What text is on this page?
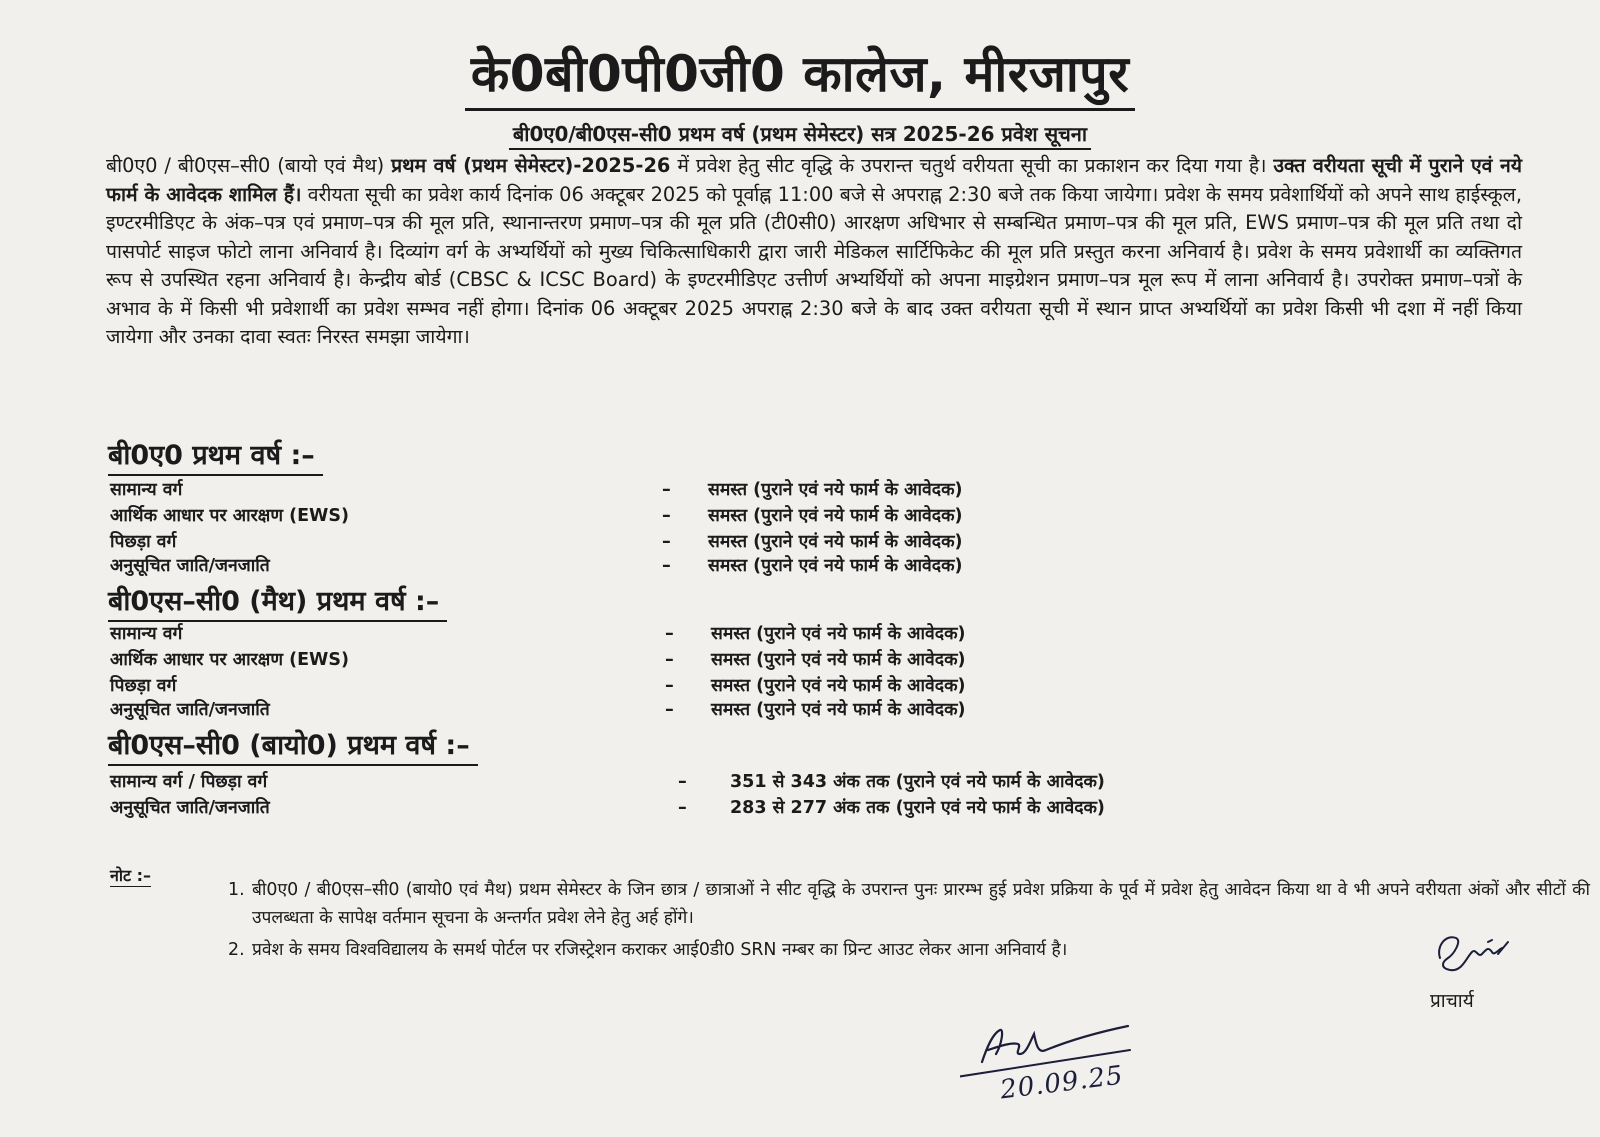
के0बी0पी0जी0 कालेज, मीरजापुर
बी0ए0/बी0एस-सी0 प्रथम वर्ष (प्रथम सेमेस्टर) सत्र 2025-26 प्रवेश सूचना

बी0ए0 / बी0एस–सी0 (बायो एवं मैथ) प्रथम वर्ष (प्रथम सेमेस्टर)-2025-26 में प्रवेश हेतु सीट वृद्धि के उपरान्त चतुर्थ वरीयता सूची का प्रकाशन कर दिया गया है। उक्त वरीयता सूची में पुराने एवं नये फार्म के आवेदक शामिल हैं। वरीयता सूची का प्रवेश कार्य दिनांक 06 अक्टूबर 2025 को पूर्वाह्न 11:00 बजे से अपराह्न 2:30 बजे तक किया जायेगा। प्रवेश के समय प्रवेशार्थियों को अपने साथ हाईस्कूल, इण्टरमीडिएट के अंक–पत्र एवं प्रमाण–पत्र की मूल प्रति, स्थानान्तरण प्रमाण–पत्र की मूल प्रति (टी0सी0) आरक्षण अधिभार से सम्बन्धित प्रमाण–पत्र की मूल प्रति, EWS प्रमाण–पत्र की मूल प्रति तथा दो पासपोर्ट साइज फोटो लाना अनिवार्य है। दिव्यांग वर्ग के अभ्यर्थियों को मुख्य चिकित्साधिकारी द्वारा जारी मेडिकल सार्टिफिकेट की मूल प्रति प्रस्तुत करना अनिवार्य है। प्रवेश के समय प्रवेशार्थी का व्यक्तिगत रूप से उपस्थित रहना अनिवार्य है। केन्द्रीय बोर्ड (CBSC & ICSC Board) के इण्टरमीडिएट उत्तीर्ण अभ्यर्थियों को अपना माइग्रेशन प्रमाण–पत्र मूल रूप में लाना अनिवार्य है। उपरोक्त प्रमाण–पत्रों के अभाव के में किसी भी प्रवेशार्थी का प्रवेश सम्भव नहीं होगा। दिनांक 06 अक्टूबर 2025 अपराह्न 2:30 बजे के बाद उक्त वरीयता सूची में स्थान प्राप्त अभ्यर्थियों का प्रवेश किसी भी दशा में नहीं किया जायेगा और उनका दावा स्वतः निरस्त समझा जायेगा।

बी0ए0 प्रथम वर्ष :–
सामान्य वर्ग	– समस्त (पुराने एवं नये फार्म के आवेदक)
आर्थिक आधार पर आरक्षण (EWS)	– समस्त (पुराने एवं नये फार्म के आवेदक)
पिछड़ा वर्ग	– समस्त (पुराने एवं नये फार्म के आवेदक)
अनुसूचित जाति/जनजाति	– समस्त (पुराने एवं नये फार्म के आवेदक)
बी0एस–सी0 (मैथ) प्रथम वर्ष :–
सामान्य वर्ग	– समस्त (पुराने एवं नये फार्म के आवेदक)
आर्थिक आधार पर आरक्षण (EWS)	– समस्त (पुराने एवं नये फार्म के आवेदक)
पिछड़ा वर्ग	– समस्त (पुराने एवं नये फार्म के आवेदक)
अनुसूचित जाति/जनजाति	– समस्त (पुराने एवं नये फार्म के आवेदक)
बी0एस–सी0 (बायो0) प्रथम वर्ष :–
सामान्य वर्ग / पिछड़ा वर्ग	– 351 से 343 अंक तक (पुराने एवं नये फार्म के आवेदक)
अनुसूचित जाति/जनजाति	– 283 से 277 अंक तक (पुराने एवं नये फार्म के आवेदक)
नोट :–

1. बी0ए0 / बी0एस–सी0 (बायो0 एवं मैथ) प्रथम सेमेस्टर के जिन छात्र / छात्राओं ने सीट वृद्धि के उपरान्त पुनः प्रारम्भ हुई प्रवेश प्रक्रिया के पूर्व में प्रवेश हेतु आवेदन किया था वे भी अपने वरीयता अंकों और सीटों की उपलब्धता के सापेक्ष वर्तमान सूचना के अन्तर्गत प्रवेश लेने हेतु अर्ह होंगे।

2. प्रवेश के समय विश्वविद्यालय के समर्थ पोर्टल पर रजिस्ट्रेशन कराकर आई0डी0 SRN नम्बर का प्रिन्ट आउट लेकर आना अनिवार्य है।

प्राचार्य
20.09.25
